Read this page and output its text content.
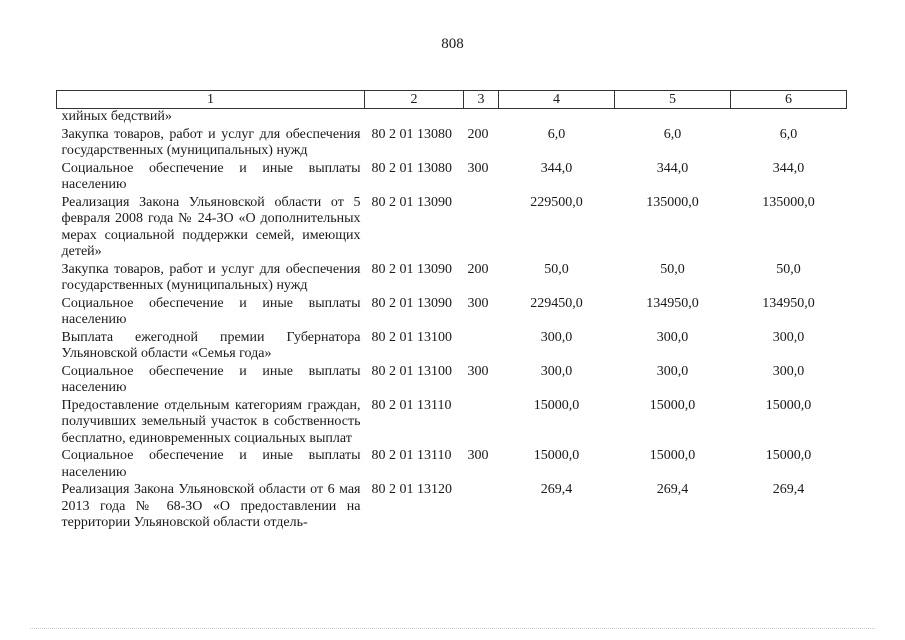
808
1	2	3	4	5	6
хийных бедствий»					
Закупка товаров, работ и услуг для обеспечения государственных (муниципальных) нужд	80 2 01 13080	200	6,0	6,0	6,0
Социальное обеспечение и иные выплаты населению	80 2 01 13080	300	344,0	344,0	344,0
Реализация Закона Ульяновской области от 5 февраля 2008 года № 24-ЗО «О дополнительных мерах социальной поддержки семей, имеющих детей»	80 2 01 13090		229500,0	135000,0	135000,0
Закупка товаров, работ и услуг для обеспечения государственных (муниципальных) нужд	80 2 01 13090	200	50,0	50,0	50,0
Социальное обеспечение и иные выплаты населению	80 2 01 13090	300	229450,0	134950,0	134950,0
Выплата ежегодной премии Губернатора Ульяновской области «Семья года»	80 2 01 13100		300,0	300,0	300,0
Социальное обеспечение и иные выплаты населению	80 2 01 13100	300	300,0	300,0	300,0
Предоставление отдельным категориям граждан, получивших земельный участок в собственность бесплатно, единовременных социальных выплат	80 2 01 13110		15000,0	15000,0	15000,0
Социальное обеспечение и иные выплаты населению	80 2 01 13110	300	15000,0	15000,0	15000,0
Реализация Закона Ульяновской области от 6 мая 2013 года № 68-ЗО «О предоставлении на территории Ульяновской области отдель-	80 2 01 13120		269,4	269,4	269,4
